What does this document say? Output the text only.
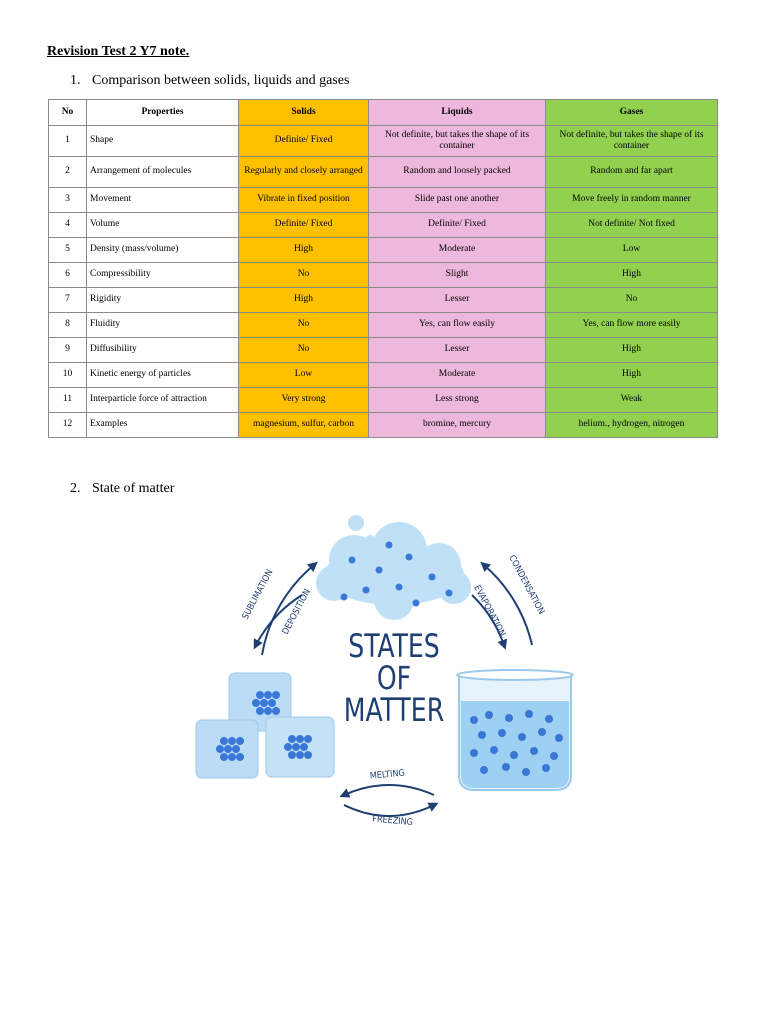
Revision Test 2 Y7 note.
1. Comparison between solids, liquids and gases
No	Properties	Solids	Liquids	Gases
1	Shape	Definite/ Fixed	Not definite, but takes the shape of its container	Not definite, but takes the shape of its container
2	Arrangement of molecules	Regularly and closely arranged	Random and loosely packed	Random and far apart
3	Movement	Vibrate in fixed position	Slide past one another	Move freely in random manner
4	Volume	Definite/ Fixed	Definite/ Fixed	Not definite/ Not fixed
5	Density (mass/volume)	High	Moderate	Low
6	Compressibility	No	Slight	High
7	Rigidity	High	Lesser	No
8	Fluidity	No	Yes, can flow easily	Yes, can flow more easily
9	Diffusibility	No	Lesser	High
10	Kinetic energy of particles	Low	Moderate	High
11	Interparticle force of attraction	Very strong	Less strong	Weak
12	Examples	magnesium, sulfur, carbon	bromine, mercury	helium., hydrogen, nitrogen
2. State of matter
SUBLIMATION DEPOSITION	CONDENSATION
EVAPORATION
MELTING
FREEZING
STATES
OF
MATTER
